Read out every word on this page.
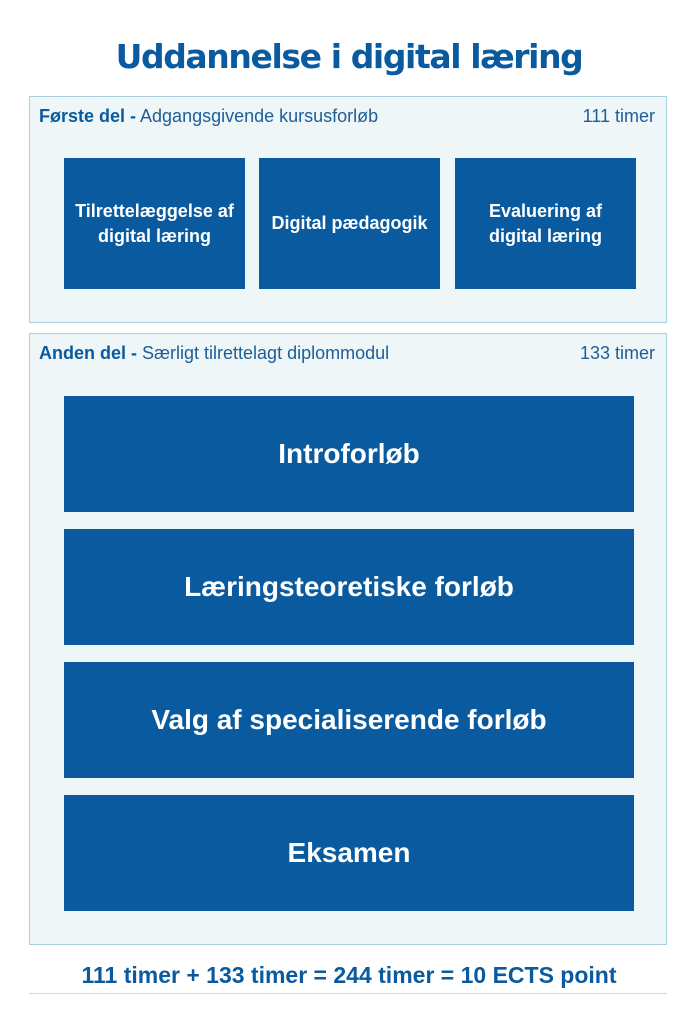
Uddannelse i digital læring
Første del - Adgangsgivende kursusforløb	111 timer
Tilrettelæggelse af digital læring
Digital pædagogik
Evaluering af digital læring
Anden del - Særligt tilrettelagt diplommodul	133 timer
Introforløb
Læringsteoretiske forløb
Valg af specialiserende forløb
Eksamen
111 timer + 133 timer = 244 timer = 10 ECTS point
